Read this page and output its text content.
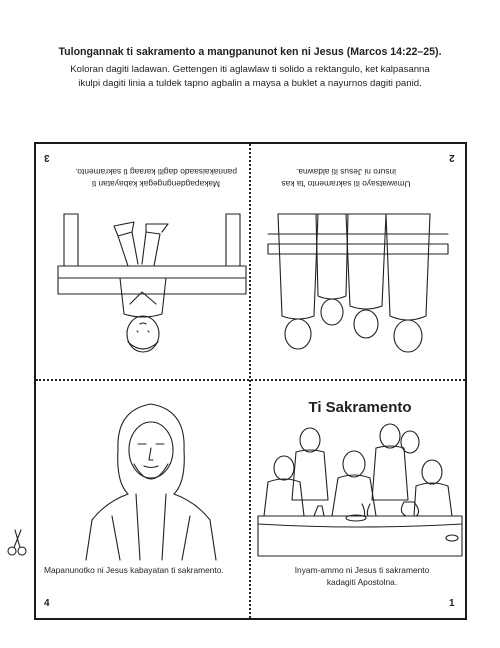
Tulongannak ti sakramento a mangpanunot ken ni Jesus (Marcos 14:22–25).
Koloran dagiti ladawan. Gettengen iti aglawlaw ti solido a rektangulo, ket kalpasanna
ikulpi dagiti linia a tuldek tapno agbalin a maysa a buklet a nayurnos dagiti panid.
3
Makapagdengngegak kabayatan ti
pannakaisaado dagiti karaag ti sakramento.
2
Umawatsayo iti sakramento 'ta kas
insuro ni Jesus iti aldawna.
Mapanunotko ni Jesus kabayatan ti sakramento.
4
Ti Sakramento
Inyam-ammo ni Jesus ti sakramento
kadagiti Apostolna.
1
